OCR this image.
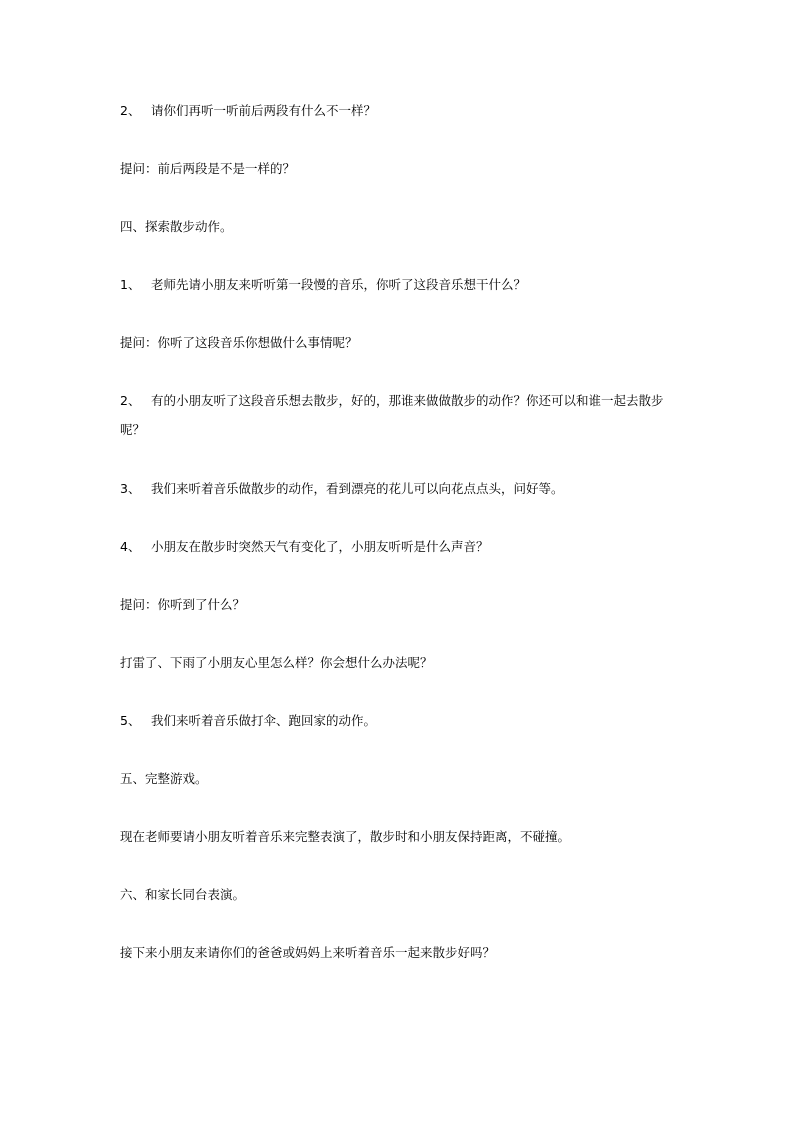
2、 请你们再听一听前后两段有什么不一样？

提问：前后两段是不是一样的？

四、探索散步动作。

1、 老师先请小朋友来听听第一段慢的音乐，你听了这段音乐想干什么？

提问：你听了这段音乐你想做什么事情呢？

2、 有的小朋友听了这段音乐想去散步，好的，那谁来做做散步的动作？你还可以和谁一起去散步呢？

3、 我们来听着音乐做散步的动作，看到漂亮的花儿可以向花点点头，问好等。

4、 小朋友在散步时突然天气有变化了，小朋友听听是什么声音？

提问：你听到了什么？

打雷了、下雨了小朋友心里怎么样？你会想什么办法呢？

5、 我们来听着音乐做打伞、跑回家的动作。

五、完整游戏。

现在老师要请小朋友听着音乐来完整表演了，散步时和小朋友保持距离，不碰撞。

六、和家长同台表演。

接下来小朋友来请你们的爸爸或妈妈上来听着音乐一起来散步好吗？
